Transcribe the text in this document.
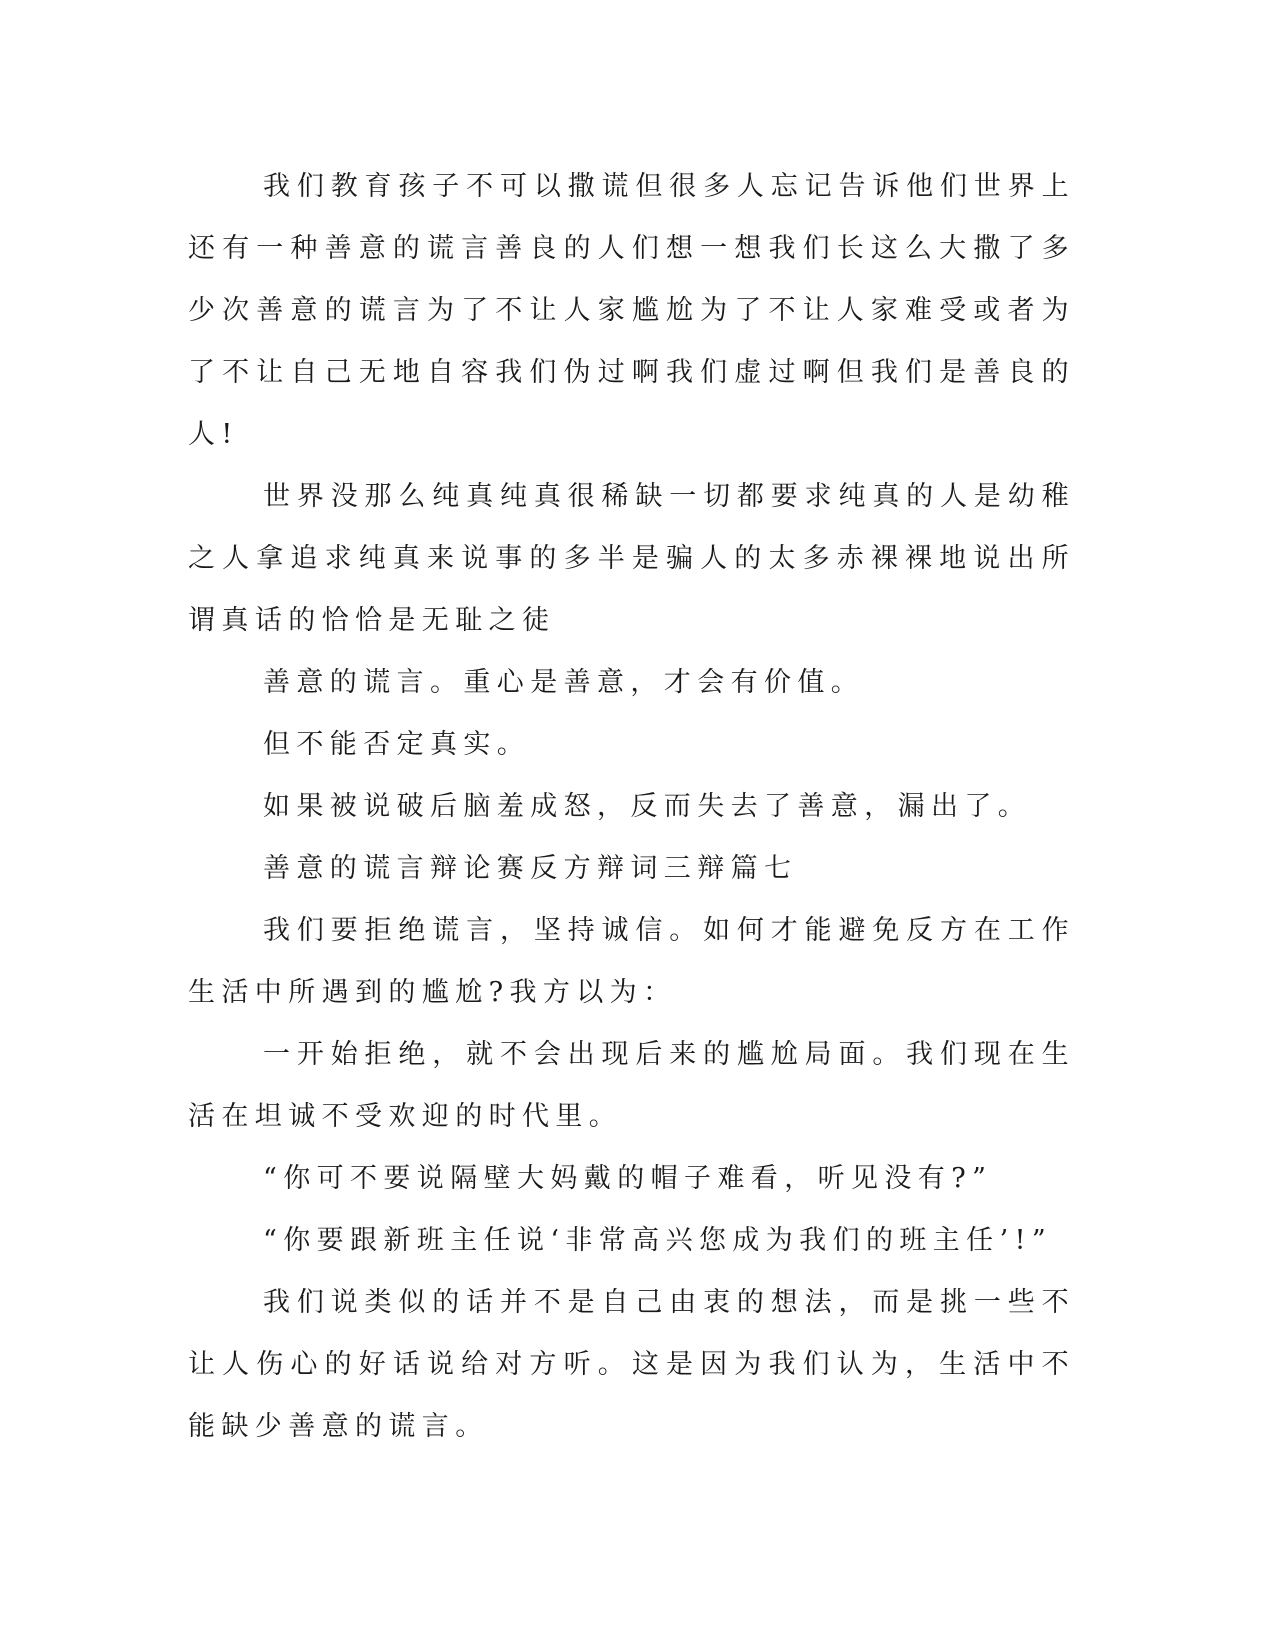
我们教育孩子不可以撒谎但很多人忘记告诉他们世界上还有一种善意的谎言善良的人们想一想我们长这么大撒了多少次善意的谎言为了不让人家尴尬为了不让人家难受或者为了不让自己无地自容我们伪过啊我们虚过啊但我们是善良的人!

世界没那么纯真纯真很稀缺一切都要求纯真的人是幼稚之人拿追求纯真来说事的多半是骗人的太多赤裸裸地说出所谓真话的恰恰是无耻之徒

善意的谎言。重心是善意，才会有价值。

但不能否定真实。

如果被说破后脑羞成怒，反而失去了善意，漏出了。

善意的谎言辩论赛反方辩词三辩篇七

我们要拒绝谎言，坚持诚信。如何才能避免反方在工作生活中所遇到的尴尬?我方以为：

一开始拒绝，就不会出现后来的尴尬局面。我们现在生活在坦诚不受欢迎的时代里。

“你可不要说隔壁大妈戴的帽子难看，听见没有?”

“你要跟新班主任说‘非常高兴您成为我们的班主任’!”

我们说类似的话并不是自己由衷的想法，而是挑一些不让人伤心的好话说给对方听。这是因为我们认为，生活中不能缺少善意的谎言。
